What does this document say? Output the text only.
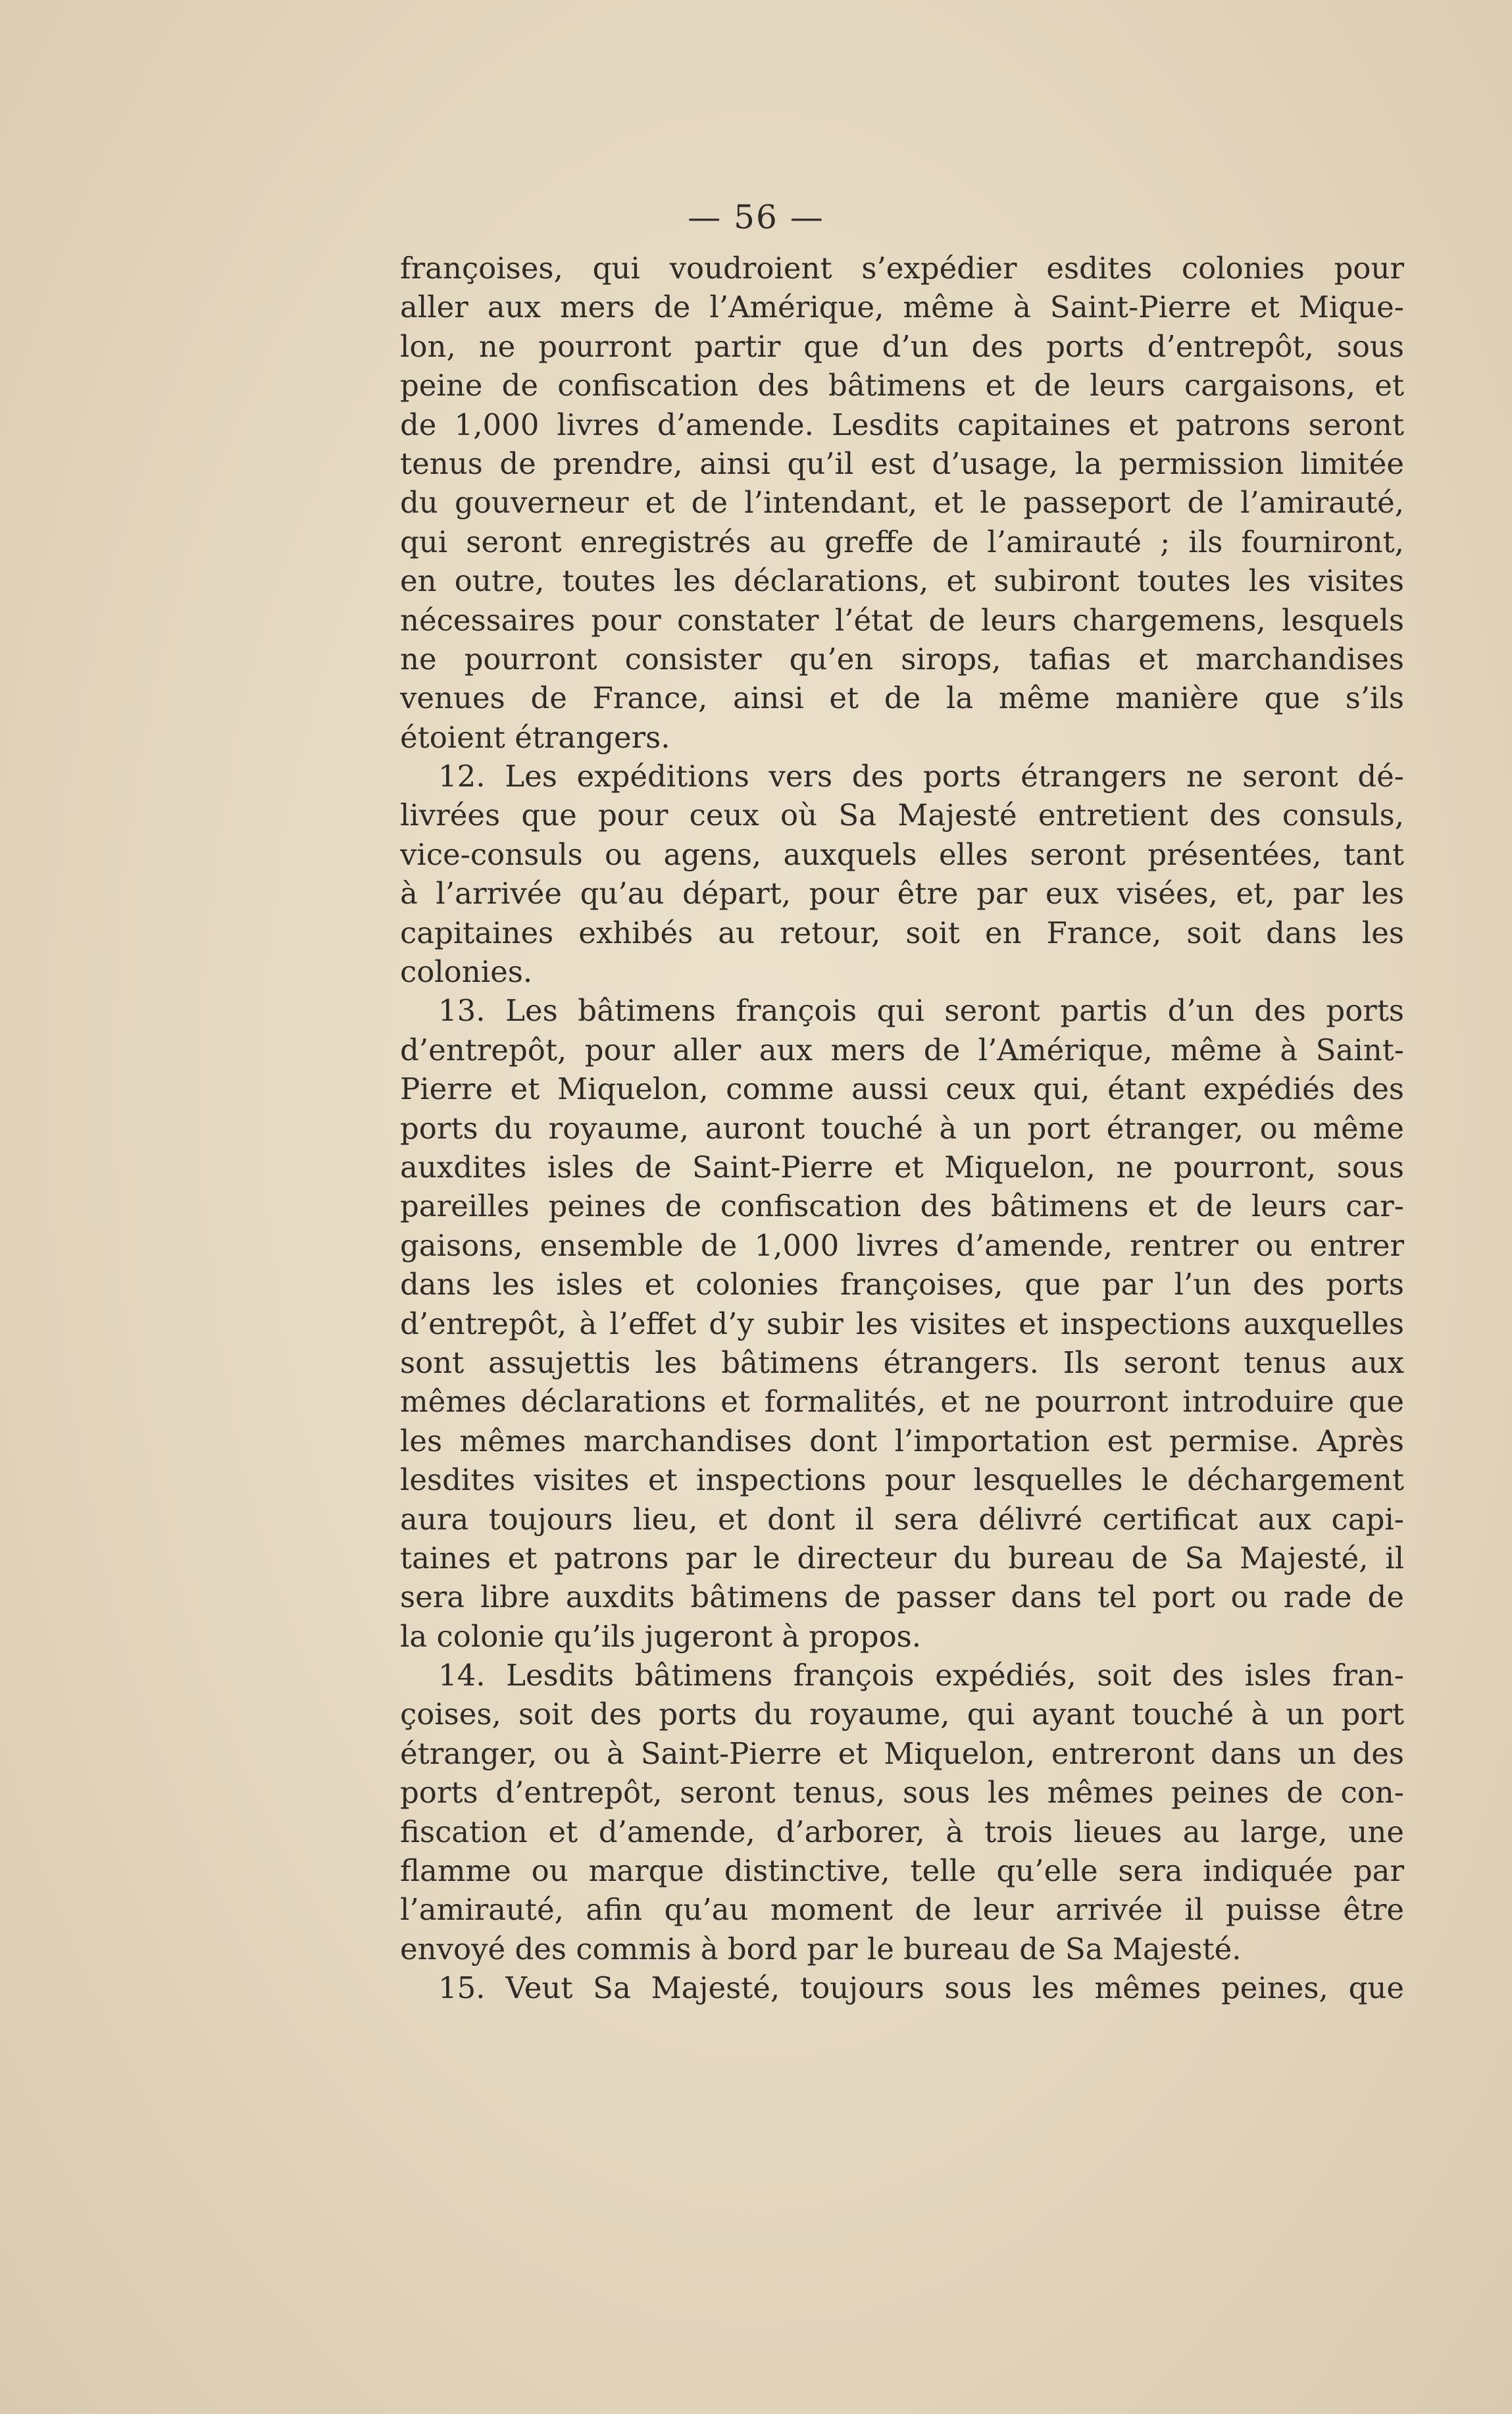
— 56 —
françoises, qui voudroient s’expédier esdites colonies pour
aller aux mers de l’Amérique, même à Saint-Pierre et Mique-
lon, ne pourront partir que d’un des ports d’entrepôt, sous
peine de confiscation des bâtimens et de leurs cargaisons, et
de 1,000 livres d’amende. Lesdits capitaines et patrons seront
tenus de prendre, ainsi qu’il est d’usage, la permission limitée
du gouverneur et de l’intendant, et le passeport de l’amirauté,
qui seront enregistrés au greffe de l’amirauté ; ils fourniront,
en outre, toutes les déclarations, et subiront toutes les visites
nécessaires pour constater l’état de leurs chargemens, lesquels
ne pourront consister qu’en sirops, tafias et marchandises
venues de France, ainsi et de la même manière que s’ils
étoient étrangers.
12. Les expéditions vers des ports étrangers ne seront dé-
livrées que pour ceux où Sa Majesté entretient des consuls,
vice-consuls ou agens, auxquels elles seront présentées, tant
à l’arrivée qu’au départ, pour être par eux visées, et, par les
capitaines exhibés au retour, soit en France, soit dans les
colonies.
13. Les bâtimens françois qui seront partis d’un des ports
d’entrepôt, pour aller aux mers de l’Amérique, même à Saint-
Pierre et Miquelon, comme aussi ceux qui, étant expédiés des
ports du royaume, auront touché à un port étranger, ou même
auxdites isles de Saint-Pierre et Miquelon, ne pourront, sous
pareilles peines de confiscation des bâtimens et de leurs car-
gaisons, ensemble de 1,000 livres d’amende, rentrer ou entrer
dans les isles et colonies françoises, que par l’un des ports
d’entrepôt, à l’effet d’y subir les visites et inspections auxquelles
sont assujettis les bâtimens étrangers. Ils seront tenus aux
mêmes déclarations et formalités, et ne pourront introduire que
les mêmes marchandises dont l’importation est permise. Après
lesdites visites et inspections pour lesquelles le déchargement
aura toujours lieu, et dont il sera délivré certificat aux capi-
taines et patrons par le directeur du bureau de Sa Majesté, il
sera libre auxdits bâtimens de passer dans tel port ou rade de
la colonie qu’ils jugeront à propos.
14. Lesdits bâtimens françois expédiés, soit des isles fran-
çoises, soit des ports du royaume, qui ayant touché à un port
étranger, ou à Saint-Pierre et Miquelon, entreront dans un des
ports d’entrepôt, seront tenus, sous les mêmes peines de con-
fiscation et d’amende, d’arborer, à trois lieues au large, une
flamme ou marque distinctive, telle qu’elle sera indiquée par
l’amirauté, afin qu’au moment de leur arrivée il puisse être
envoyé des commis à bord par le bureau de Sa Majesté.
15. Veut Sa Majesté, toujours sous les mêmes peines, que
